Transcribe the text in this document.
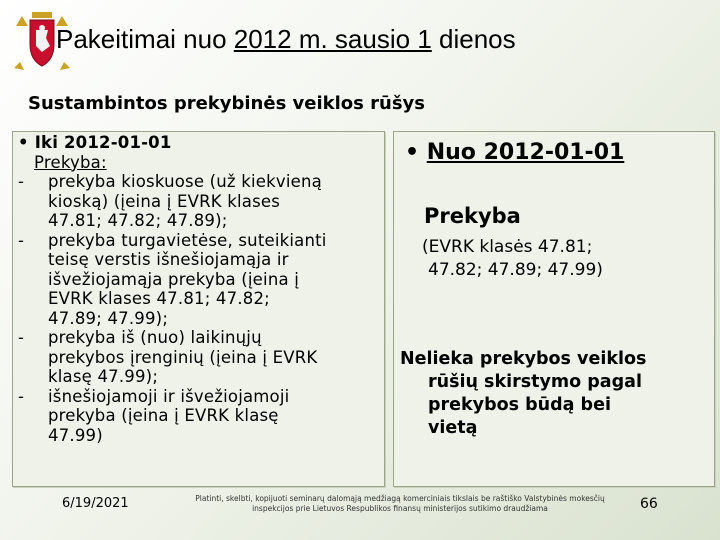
Pakeitimai nuo 2012 m. sausio 1 dienos
Sustambintos prekybinės veiklos rūšys
• Iki 2012-01-01
Prekyba:
- prekyba kioskuose (už kiekvieną
kioską) (įeina į EVRK klases
47.81; 47.82; 47.89);
- prekyba turgavietėse, suteikianti
teisę verstis išnešiojamąja ir
išvežiojamąja prekyba (įeina į
EVRK klases 47.81; 47.82;
47.89; 47.99);
- prekyba iš (nuo) laikinųjų
prekybos įrenginių (įeina į EVRK
klasę 47.99);
- išnešiojamoji ir išvežiojamoji
prekyba (įeina į EVRK klasę
47.99)
• Nuo 2012-01-01
Prekyba
(EVRK klasės 47.81;
47.82; 47.89; 47.99)
Nelieka prekybos veiklos
rūšių skirstymo pagal
prekybos būdą bei
vietą
6/19/2021	Platinti, skelbti, kopijuoti seminarų dalomąją medžiagą komerciniais tikslais be raštiško Valstybinės mokesčių inspekcijos prie Lietuvos Respublikos finansų ministerijos sutikimo draudžiama	66
